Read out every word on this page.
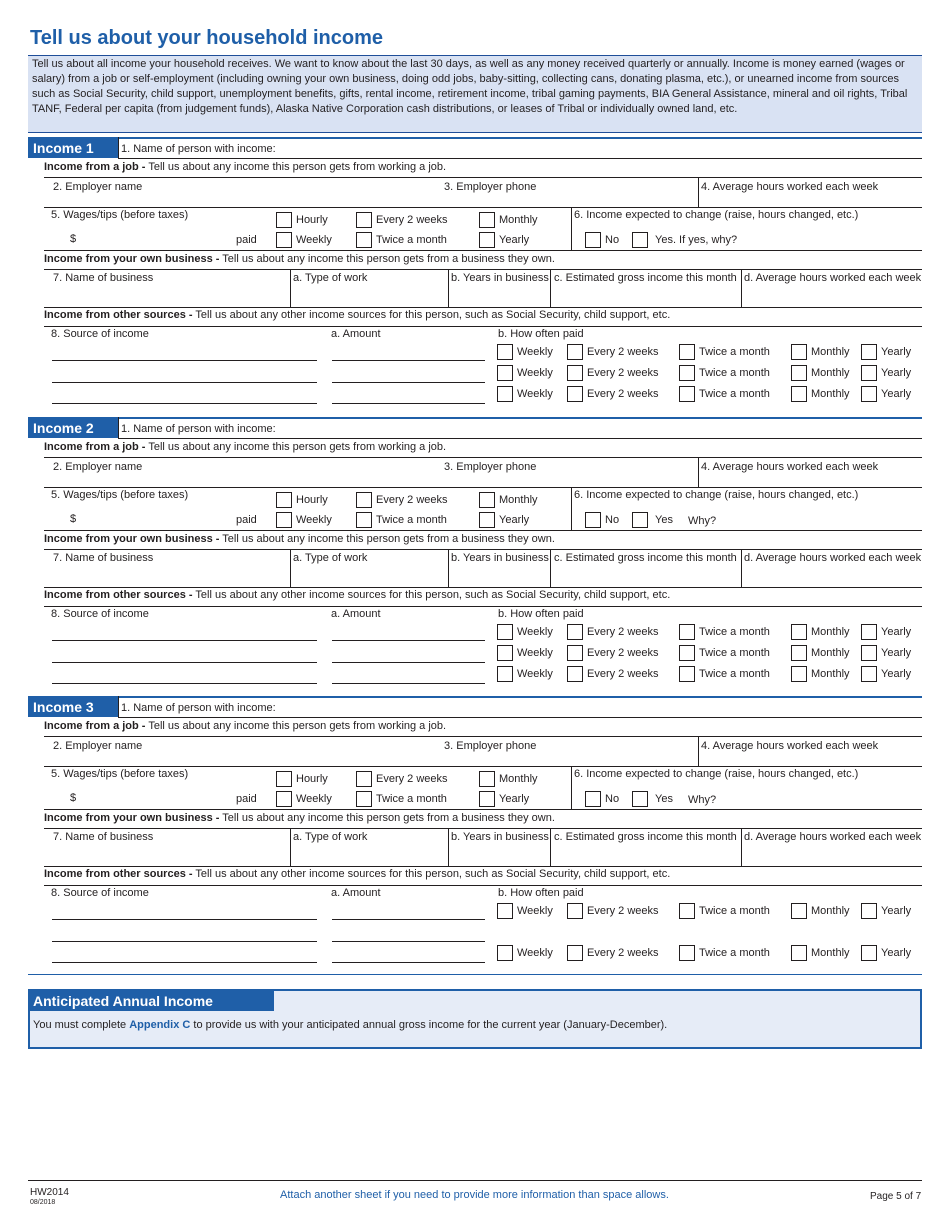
Tell us about your household income
Tell us about all income your household receives. We want to know about the last 30 days, as well as any money received quarterly or annually. Income is money earned (wages or salary) from a job or self-employment (including owning your own business, doing odd jobs, baby-sitting, collecting cans, donating plasma, etc.), or unearned income from sources such as Social Security, child support, unemployment benefits, gifts, rental income, retirement income, tribal gaming payments, BIA General Assistance, mineral and oil rights, Tribal TANF, Federal per capita (from judgement funds), Alaska Native Corporation cash distributions, or leases of Tribal or individually owned land, etc.
Income 1	1. Name of person with income:
Income from a job - Tell us about any income this person gets from working a job.
2. Employer name	3. Employer phone	4. Average hours worked each week
5. Wages/tips (before taxes)
$	paid
Hourly	Every 2 weeks	Monthly
Weekly	Twice a month	Yearly
6. Income expected to change (raise, hours changed, etc.)
No	Yes. If yes, why?
Income from your own business - Tell us about any income this person gets from a business they own.
7. Name of business	a. Type of work	b. Years in business c. Estimated gross income this month d. Average hours worked each week
Income from other sources - Tell us about any other income sources for this person, such as Social Security, child support, etc.
8. Source of income	a. Amount	b. How often paid
Weekly	Every 2 weeks	Twice a month	Monthly	Yearly
Weekly	Every 2 weeks	Twice a month	Monthly	Yearly
Weekly	Every 2 weeks	Twice a month	Monthly	Yearly
Income 2	1. Name of person with income:
Income from a job - Tell us about any income this person gets from working a job.
2. Employer name	3. Employer phone	4. Average hours worked each week
5. Wages/tips (before taxes)
$	paid
Hourly	Every 2 weeks	Monthly
Weekly	Twice a month	Yearly
6. Income expected to change (raise, hours changed, etc.)
No	Yes Why?
Income from your own business - Tell us about any income this person gets from a business they own.
7. Name of business	a. Type of work	b. Years in business c. Estimated gross income this month d. Average hours worked each week
Income from other sources - Tell us about any other income sources for this person, such as Social Security, child support, etc.
8. Source of income	a. Amount	b. How often paid
Weekly	Every 2 weeks	Twice a month	Monthly	Yearly
Weekly	Every 2 weeks	Twice a month	Monthly	Yearly
Weekly	Every 2 weeks	Twice a month	Monthly	Yearly
Income 3	1. Name of person with income:
Income from a job - Tell us about any income this person gets from working a job.
2. Employer name	3. Employer phone	4. Average hours worked each week
5. Wages/tips (before taxes)
$	paid
Hourly	Every 2 weeks	Monthly
Weekly	Twice a month	Yearly
6. Income expected to change (raise, hours changed, etc.)
No	Yes Why?
Income from your own business - Tell us about any income this person gets from a business they own.
7. Name of business	a. Type of work	b. Years in business c. Estimated gross income this month d. Average hours worked each week
Income from other sources - Tell us about any other income sources for this person, such as Social Security, child support, etc.
8. Source of income	a. Amount	b. How often paid
Weekly	Every 2 weeks	Twice a month	Monthly	Yearly
Weekly	Every 2 weeks	Twice a month	Monthly	Yearly
Anticipated Annual Income
You must complete Appendix C to provide us with your anticipated annual gross income for the current year (January-December).
HW2014
08/2018
Attach another sheet if you need to provide more information than space allows.	Page 5 of 7
